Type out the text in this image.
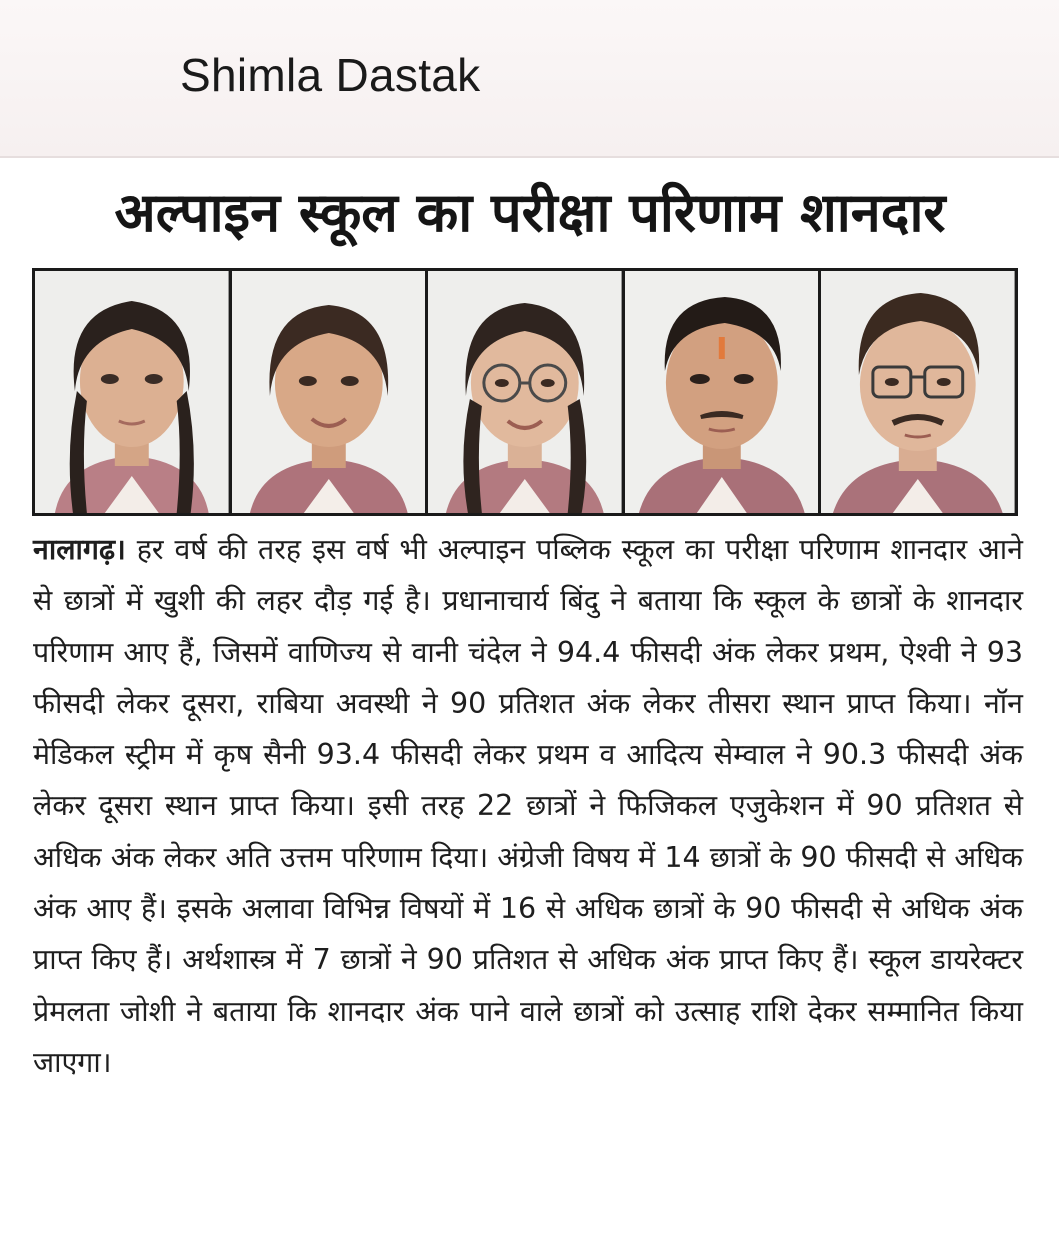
Shimla Dastak
अल्पाइन स्कूल का परीक्षा परिणाम शानदार
नालागढ़। हर वर्ष की तरह इस वर्ष भी अल्पाइन पब्लिक स्कूल का परीक्षा परिणाम शानदार आने से छात्रों में खुशी की लहर दौड़ गई है। प्रधानाचार्य बिंदु ने बताया कि स्कूल के छात्रों के शानदार परिणाम आए हैं, जिसमें वाणिज्य से वानी चंदेल ने 94.4 फीसदी अंक लेकर प्रथम, ऐश्वी ने 93 फीसदी लेकर दूसरा, राबिया अवस्थी ने 90 प्रतिशत अंक लेकर तीसरा स्थान प्राप्त किया। नॉन मेडिकल स्ट्रीम में कृष सैनी 93.4 फीसदी लेकर प्रथम व आदित्य सेम्वाल ने 90.3 फीसदी अंक लेकर दूसरा स्थान प्राप्त किया। इसी तरह 22 छात्रों ने फिजिकल एजुकेशन में 90 प्रतिशत से अधिक अंक लेकर अति उत्तम परिणाम दिया। अंग्रेजी विषय में 14 छात्रों के 90 फीसदी से अधिक अंक आए हैं। इसके अलावा विभिन्न विषयों में 16 से अधिक छात्रों के 90 फीसदी से अधिक अंक प्राप्त किए हैं। अर्थशास्त्र में 7 छात्रों ने 90 प्रतिशत से अधिक अंक प्राप्त किए हैं। स्कूल डायरेक्टर प्रेमलता जोशी ने बताया कि शानदार अंक पाने वाले छात्रों को उत्साह राशि देकर सम्मानित किया जाएगा।
